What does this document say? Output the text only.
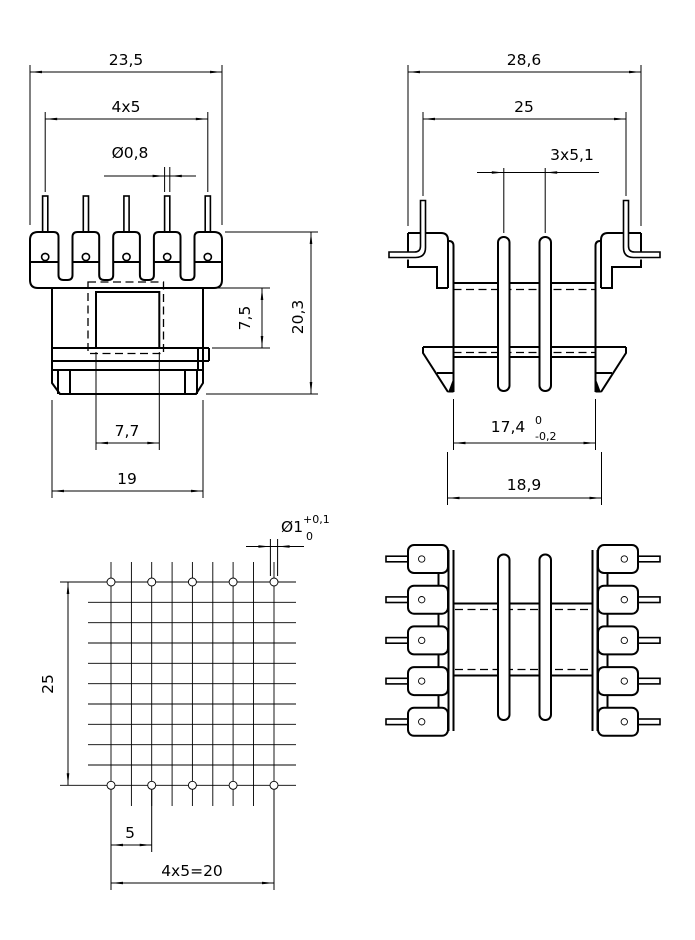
23,5
4x5
Ø0,8
7,7
19
7,5 20,3
28,6
25
3x5,1
17,4 0
-0,2
18,9
25
Ø1 +0,1
0
5
4x5=20
